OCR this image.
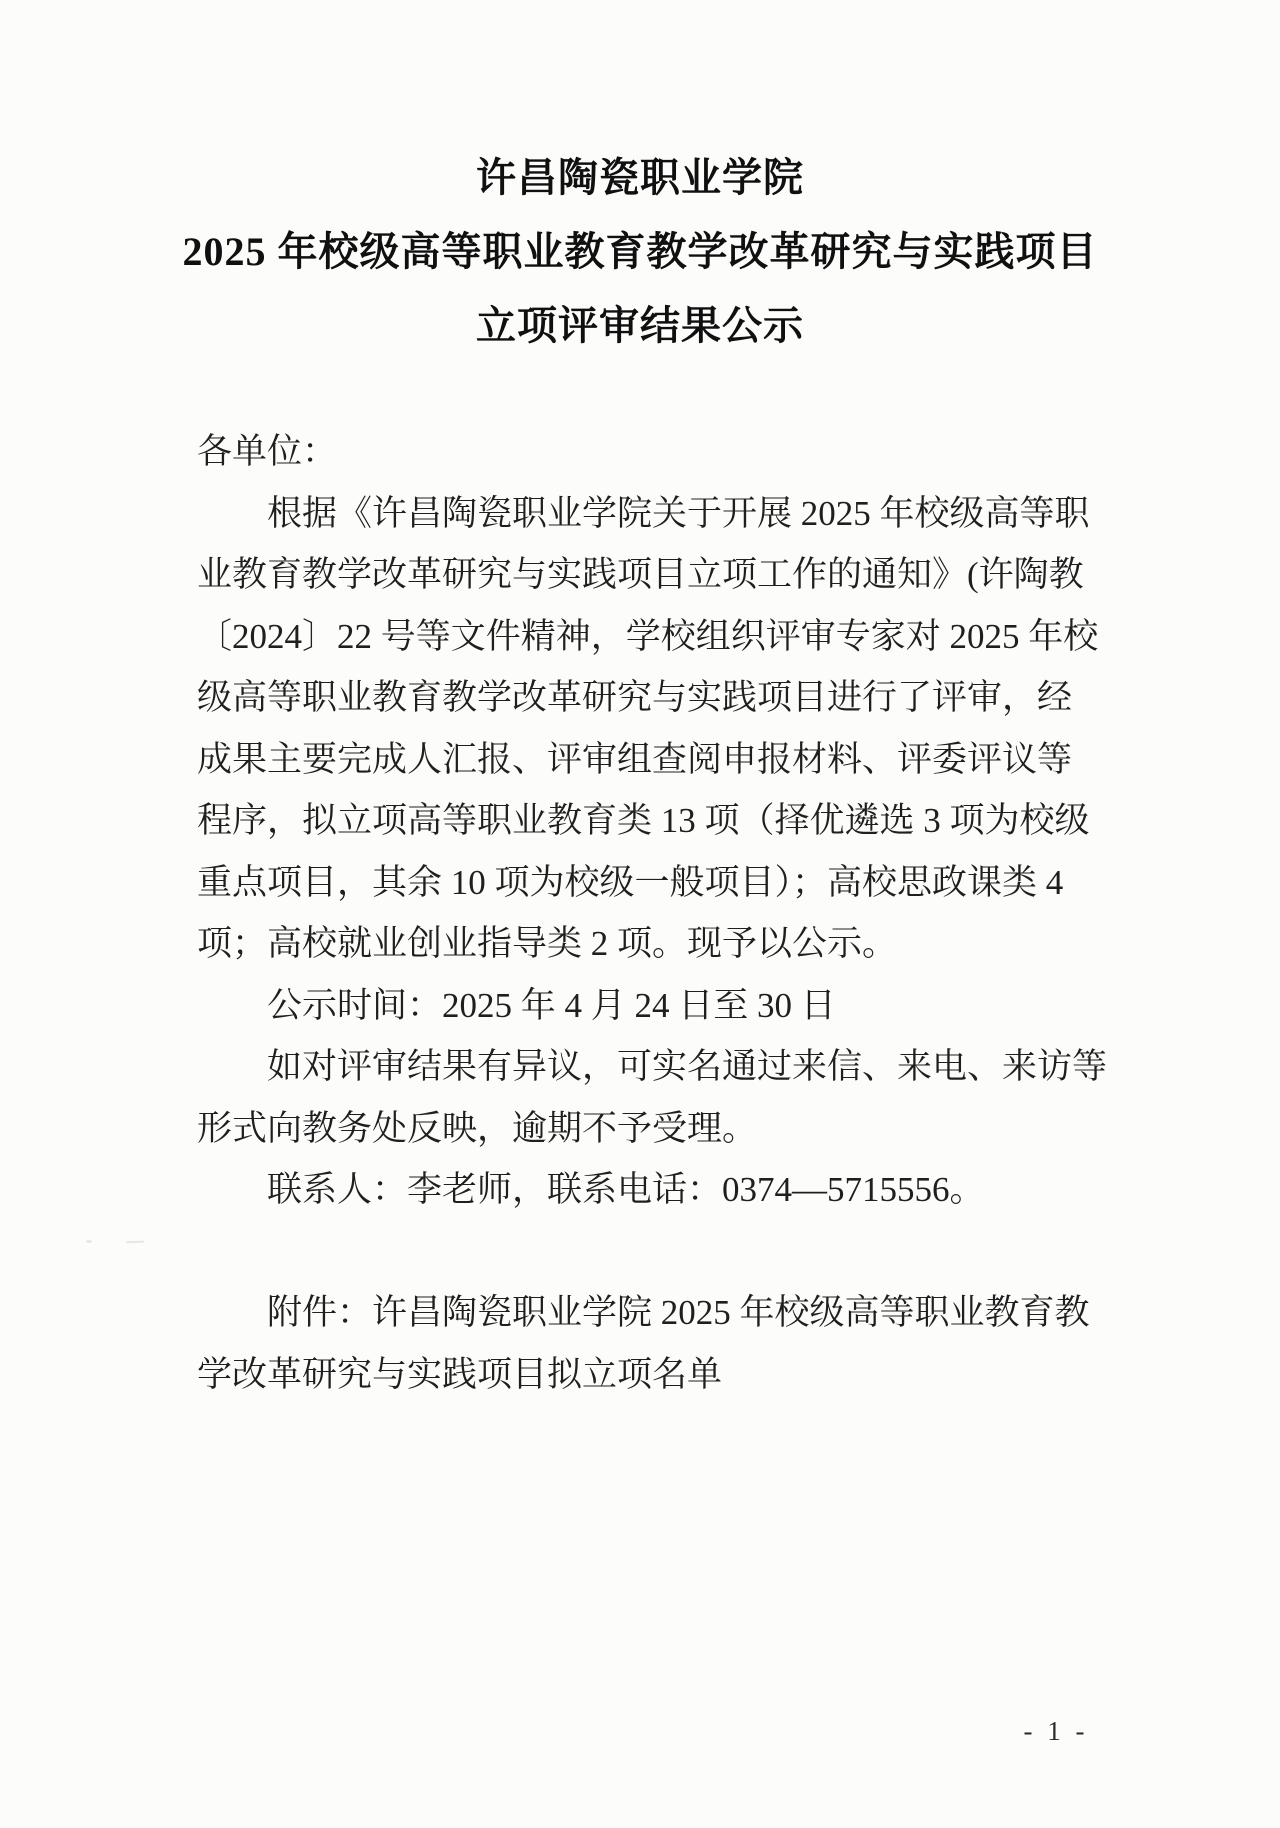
许昌陶瓷职业学院
2025 年校级高等职业教育教学改革研究与实践项目
立项评审结果公示
各单位：
根据《许昌陶瓷职业学院关于开展 2025 年校级高等职
业教育教学改革研究与实践项目立项工作的通知》(许陶教
〔2024〕22 号等文件精神，学校组织评审专家对 2025 年校
级高等职业教育教学改革研究与实践项目进行了评审，经
成果主要完成人汇报、评审组查阅申报材料、评委评议等
程序，拟立项高等职业教育类 13 项（择优遴选 3 项为校级
重点项目，其余 10 项为校级一般项目）；高校思政课类 4
项；高校就业创业指导类 2 项。现予以公示。
公示时间：2025 年 4 月 24 日至 30 日
如对评审结果有异议，可实名通过来信、来电、来访等
形式向教务处反映，逾期不予受理。
联系人：李老师，联系电话：0374—5715556。
附件：许昌陶瓷职业学院 2025 年校级高等职业教育教
学改革研究与实践项目拟立项名单
- 1 -
